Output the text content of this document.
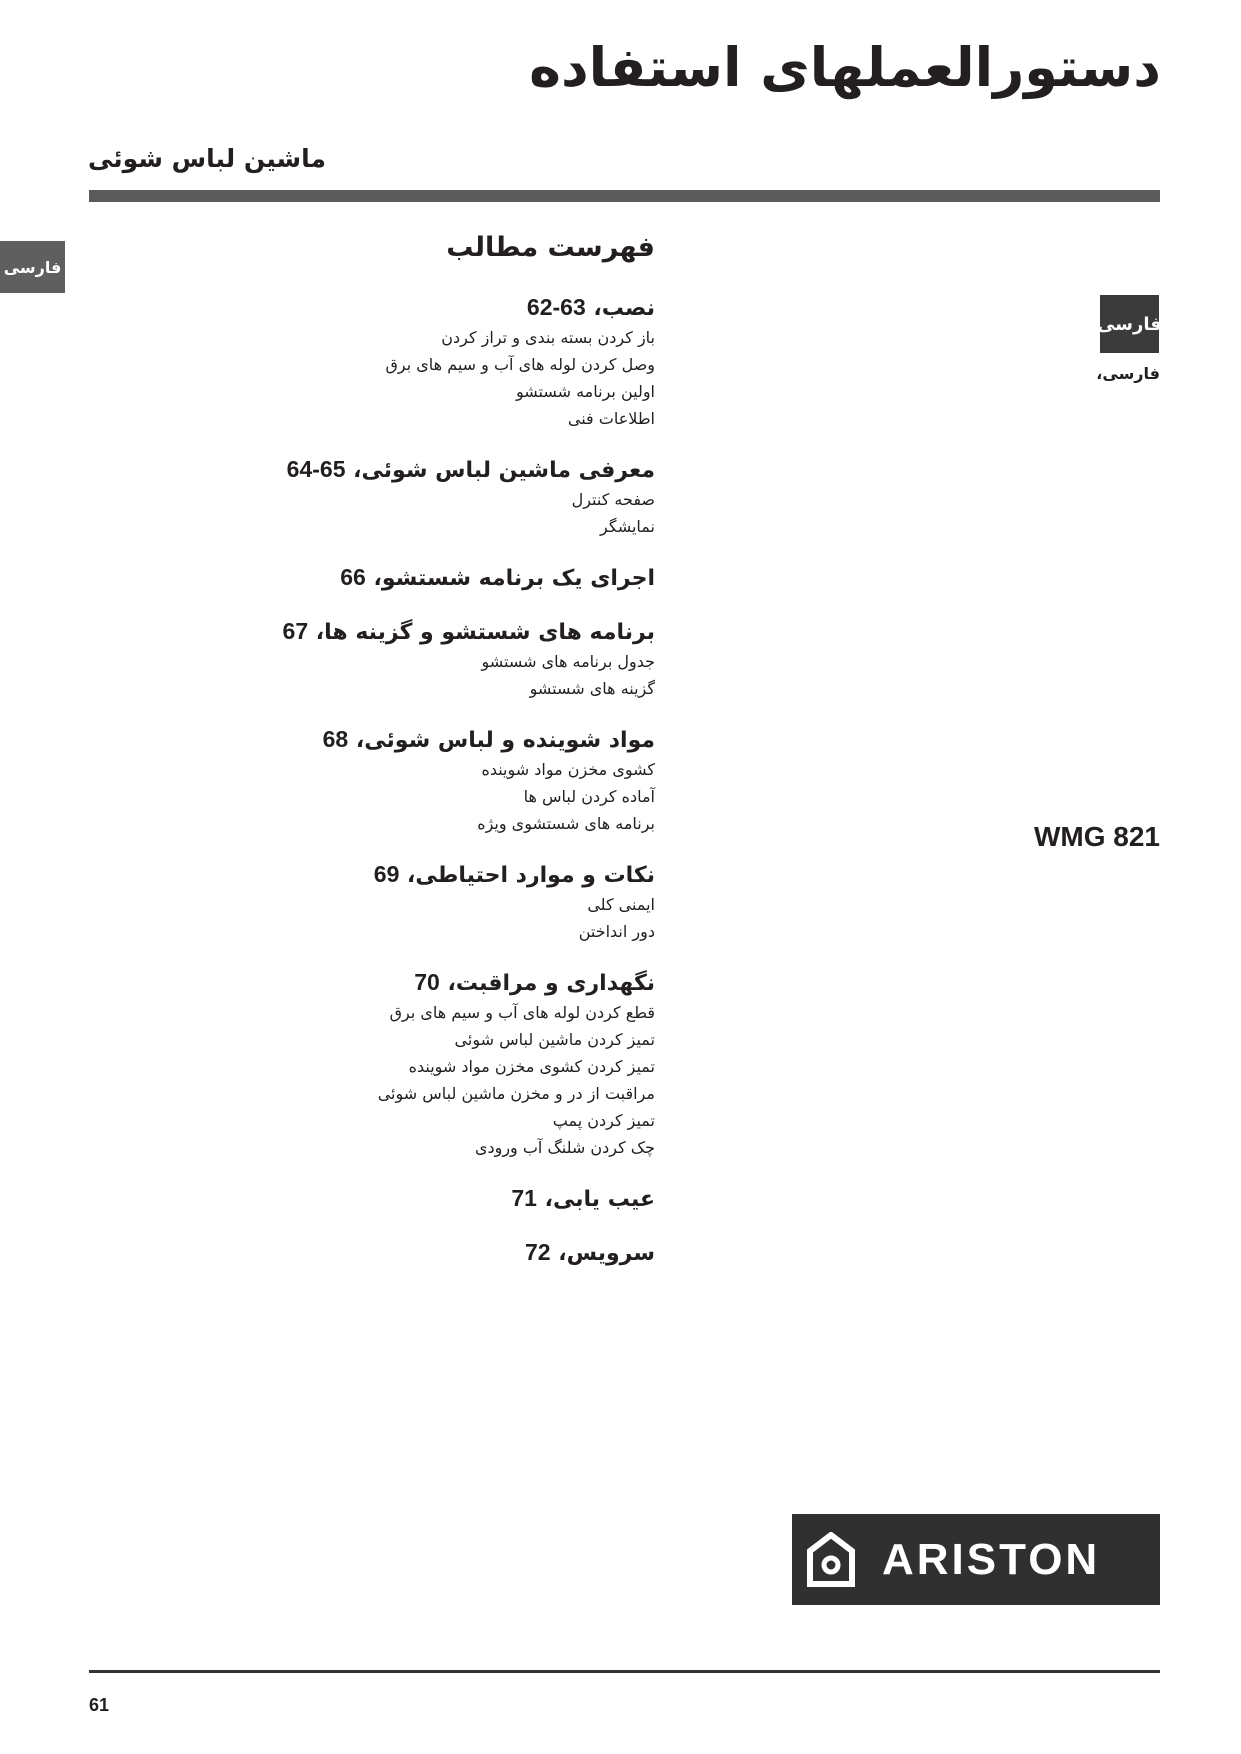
دستورالعملهای استفاده
ماشین لباس شوئی
فارسی
فارسی
فارسی،
WMG 821
فهرست مطالب
نصب، 62-63
باز کردن بسته بندی و تراز کردن
وصل کردن لوله های آب و سیم های برق
اولین برنامه شستشو
اطلاعات فنی
معرفی ماشین لباس شوئی، 64-65
صفحه کنترل
نمایشگر
اجرای یک برنامه شستشو، 66
برنامه های شستشو و گزینه ها، 67
جدول برنامه های شستشو
گزینه های شستشو
مواد شوینده و لباس شوئی، 68
کشوی مخزن مواد شوینده
آماده کردن لباس ها
برنامه های شستشوی ویژه
نکات و موارد احتیاطی، 69
ایمنی کلی
دور انداختن
نگهداری و مراقبت، 70
قطع کردن لوله های آب و سیم های برق
تمیز کردن ماشین لباس شوئی
تمیز کردن کشوی مخزن مواد شوینده
مراقبت از در و مخزن ماشین لباس شوئی
تمیز کردن پمپ
چک کردن شلنگ آب ورودی
عیب یابی، 71
سرویس، 72
ARISTON
61
